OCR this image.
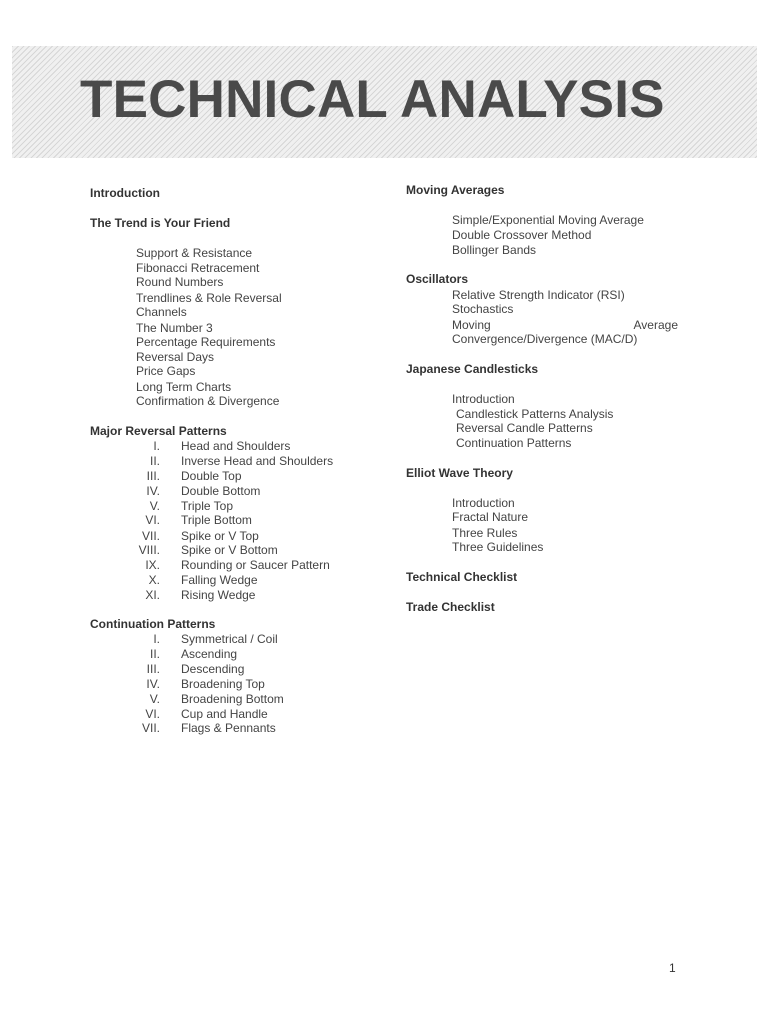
TECHNICAL ANALYSIS
Introduction
The Trend is Your Friend
Support & Resistance
Fibonacci Retracement
Round Numbers
Trendlines & Role Reversal
Channels
The Number 3
Percentage Requirements
Reversal Days
Price Gaps
Long Term Charts
Confirmation & Divergence
Major Reversal Patterns
I. Head and Shoulders
II. Inverse Head and Shoulders
III. Double Top
IV. Double Bottom
V. Triple Top
VI. Triple Bottom
VII. Spike or V Top
VIII. Spike or V Bottom
IX. Rounding or Saucer Pattern
X. Falling Wedge
XI. Rising Wedge
Continuation Patterns
I. Symmetrical / Coil
II. Ascending
III. Descending
IV. Broadening Top
V. Broadening Bottom
VI. Cup and Handle
VII. Flags & Pennants
Moving Averages
Simple/Exponential Moving Average
Double Crossover Method
Bollinger Bands
Oscillators
Relative Strength Indicator (RSI)
Stochastics
Moving	Average
Convergence/Divergence (MAC/D)
Japanese Candlesticks
Introduction
Candlestick Patterns Analysis
Reversal Candle Patterns
Continuation Patterns
Elliot Wave Theory
Introduction
Fractal Nature
Three Rules
Three Guidelines
Technical Checklist
Trade Checklist
1
